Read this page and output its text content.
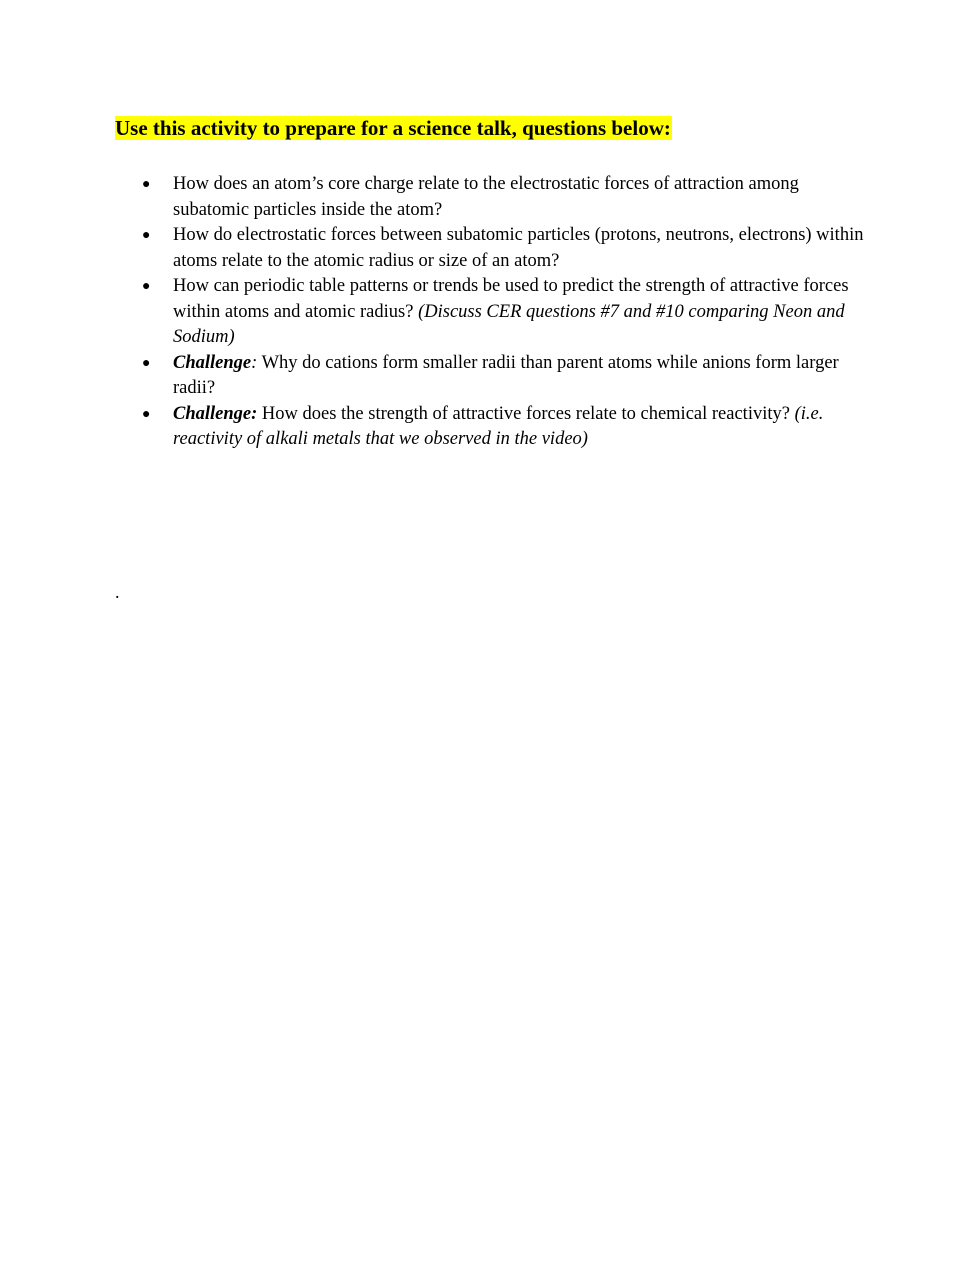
Use this activity to prepare for a science talk, questions below:
● How does an atom’s core charge relate to the electrostatic forces of attraction among subatomic particles inside the atom?
● How do electrostatic forces between subatomic particles (protons, neutrons, electrons) within atoms relate to the atomic radius or size of an atom?
● How can periodic table patterns or trends be used to predict the strength of attractive forces within atoms and atomic radius? (Discuss CER questions #7 and #10 comparing Neon and Sodium)
● Challenge: Why do cations form smaller radii than parent atoms while anions form larger radii?
● Challenge: How does the strength of attractive forces relate to chemical reactivity? (i.e. reactivity of alkali metals that we observed in the video)
.
